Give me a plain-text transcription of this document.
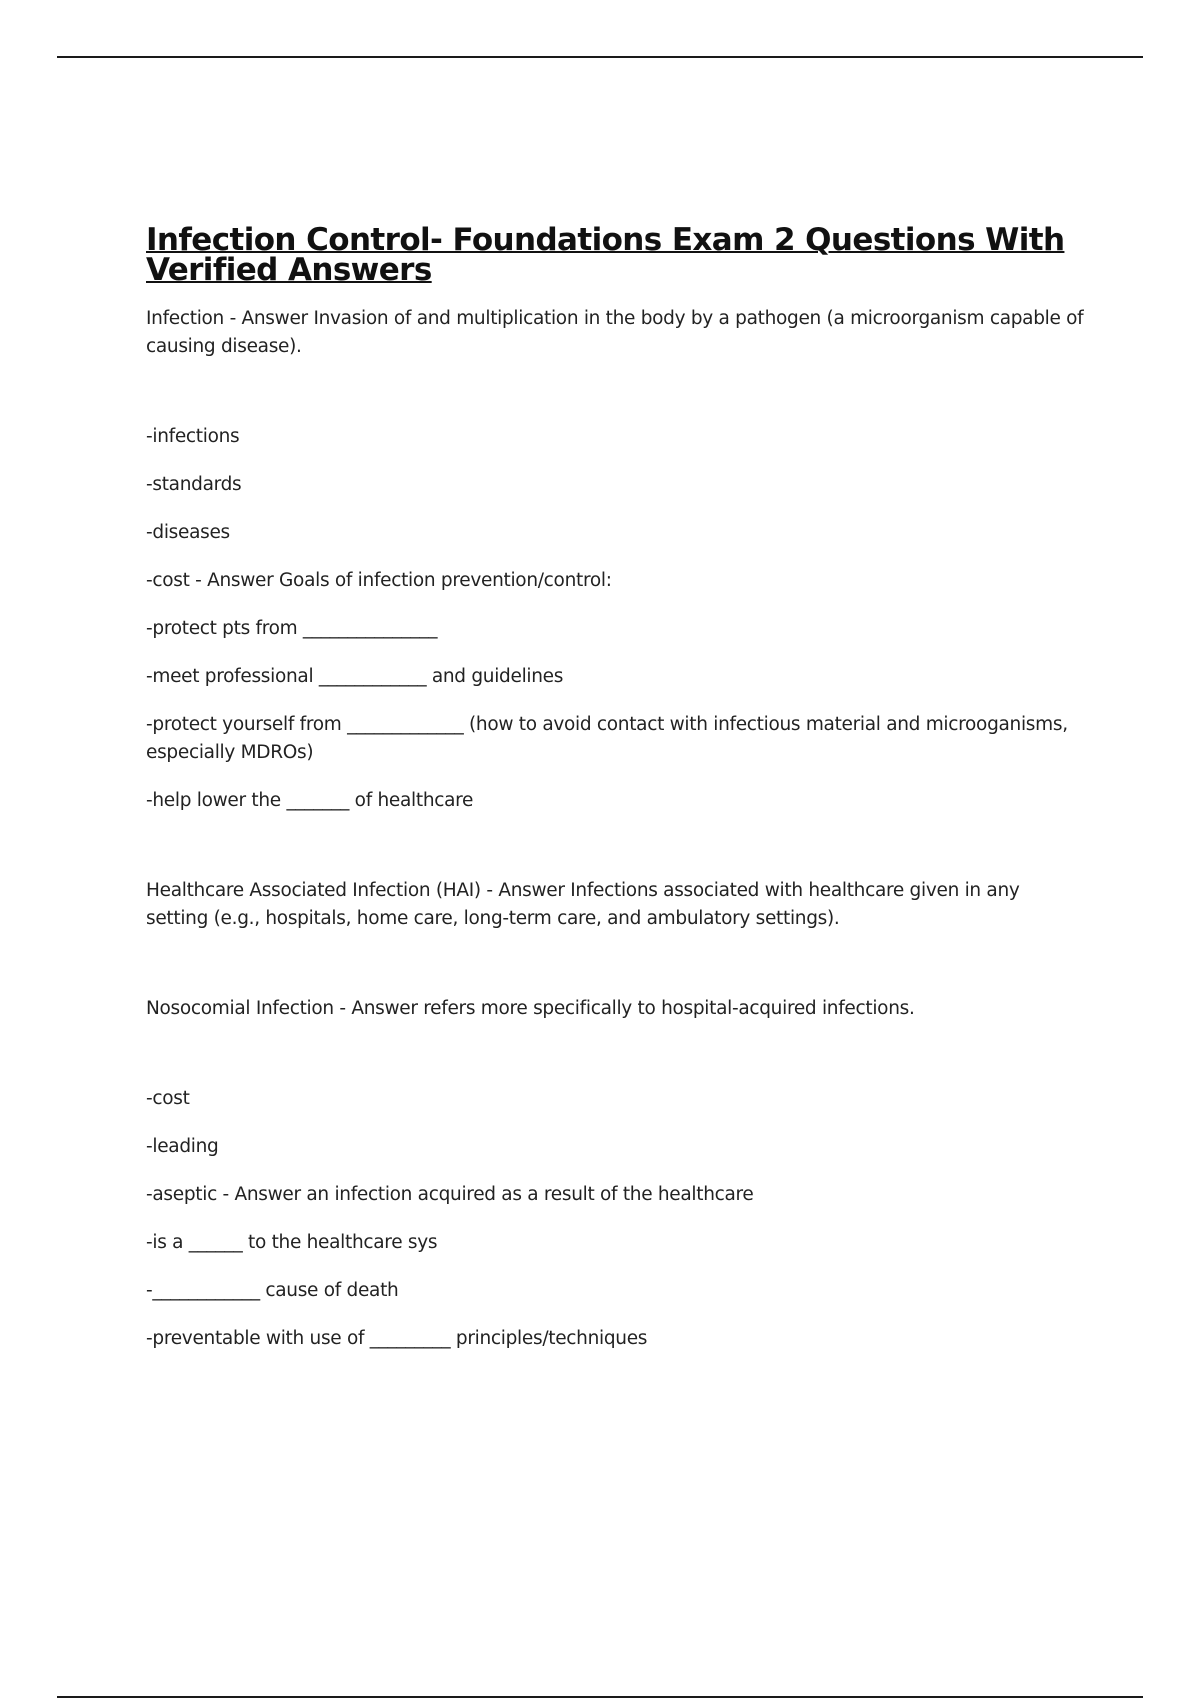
Infection Control- Foundations Exam 2 Questions With Verified Answers

Infection - Answer Invasion of and multiplication in the body by a pathogen (a microorganism capable of causing disease).

-infections

-standards

-diseases

-cost - Answer Goals of infection prevention/control:

-protect pts from _______________

-meet professional ____________ and guidelines

-protect yourself from _____________ (how to avoid contact with infectious material and microoganisms, especially MDROs)

-help lower the _______ of healthcare

Healthcare Associated Infection (HAI) - Answer Infections associated with healthcare given in any setting (e.g., hospitals, home care, long-term care, and ambulatory settings).

Nosocomial Infection - Answer refers more specifically to hospital-acquired infections.

-cost

-leading

-aseptic - Answer an infection acquired as a result of the healthcare

-is a ______ to the healthcare sys

-____________ cause of death

-preventable with use of _________ principles/techniques
